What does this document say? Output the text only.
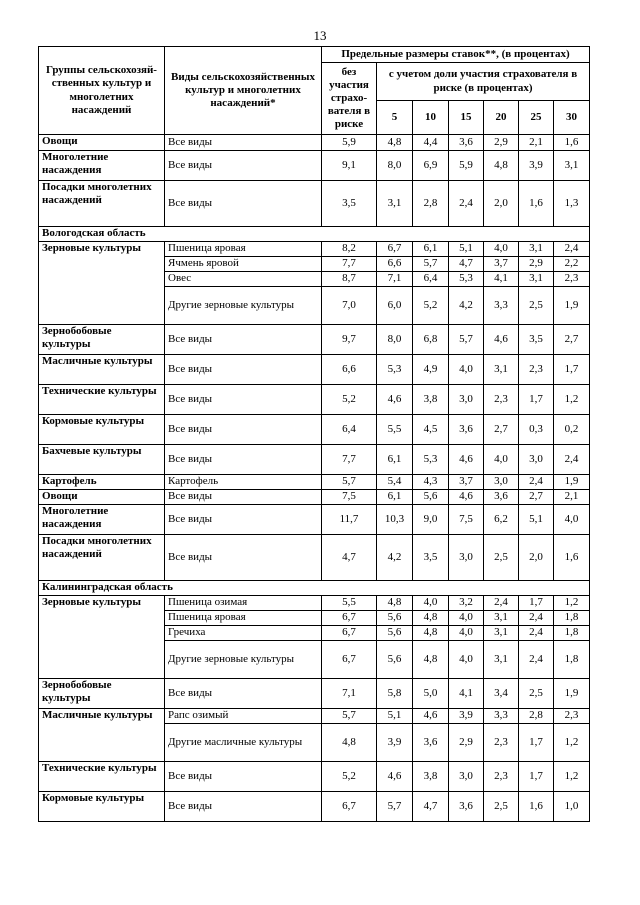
13
Группы сельскохозяй- ственных культур и многолетних насаждений	Виды сельскохозяйственных культур и многолетних насаждений*	Предельные размеры ставок**, (в процентах)						
		без участия страхо- вателя в риске	с учетом доли участия страхователя в риске (в процентах)					
			5	10	15	20	25	30
Овощи	Все виды	5,9	4,8	4,4	3,6	2,9	2,1	1,6
Многолетние насаждения	Все виды	9,1	8,0	6,9	5,9	4,8	3,9	3,1
Посадки многолетних насаждений	Все виды	3,5	3,1	2,8	2,4	2,0	1,6	1,3
Вологодская область								
Зерновые культуры	Пшеница яровая	8,2	6,7	6,1	5,1	4,0	3,1	2,4
	Ячмень яровой	7,7	6,6	5,7	4,7	3,7	2,9	2,2
	Овес	8,7	7,1	6,4	5,3	4,1	3,1	2,3
	Другие зерновые культуры	7,0	6,0	5,2	4,2	3,3	2,5	1,9
Зернобобовые культуры	Все виды	9,7	8,0	6,8	5,7	4,6	3,5	2,7
Масличные культуры	Все виды	6,6	5,3	4,9	4,0	3,1	2,3	1,7
Технические культуры	Все виды	5,2	4,6	3,8	3,0	2,3	1,7	1,2
Кормовые культуры	Все виды	6,4	5,5	4,5	3,6	2,7	0,3	0,2
Бахчевые культуры	Все виды	7,7	6,1	5,3	4,6	4,0	3,0	2,4
Картофель	Картофель	5,7	5,4	4,3	3,7	3,0	2,4	1,9
Овощи	Все виды	7,5	6,1	5,6	4,6	3,6	2,7	2,1
Многолетние насаждения	Все виды	11,7	10,3	9,0	7,5	6,2	5,1	4,0
Посадки многолетних насаждений	Все виды	4,7	4,2	3,5	3,0	2,5	2,0	1,6
Калининградская область								
Зерновые культуры	Пшеница озимая	5,5	4,8	4,0	3,2	2,4	1,7	1,2
	Пшеница яровая	6,7	5,6	4,8	4,0	3,1	2,4	1,8
	Гречиха	6,7	5,6	4,8	4,0	3,1	2,4	1,8
	Другие зерновые культуры	6,7	5,6	4,8	4,0	3,1	2,4	1,8
Зернобобовые культуры	Все виды	7,1	5,8	5,0	4,1	3,4	2,5	1,9
Масличные культуры	Рапс озимый	5,7	5,1	4,6	3,9	3,3	2,8	2,3
	Другие масличные культуры	4,8	3,9	3,6	2,9	2,3	1,7	1,2
Технические культуры	Все виды	5,2	4,6	3,8	3,0	2,3	1,7	1,2
Кормовые культуры	Все виды	6,7	5,7	4,7	3,6	2,5	1,6	1,0
